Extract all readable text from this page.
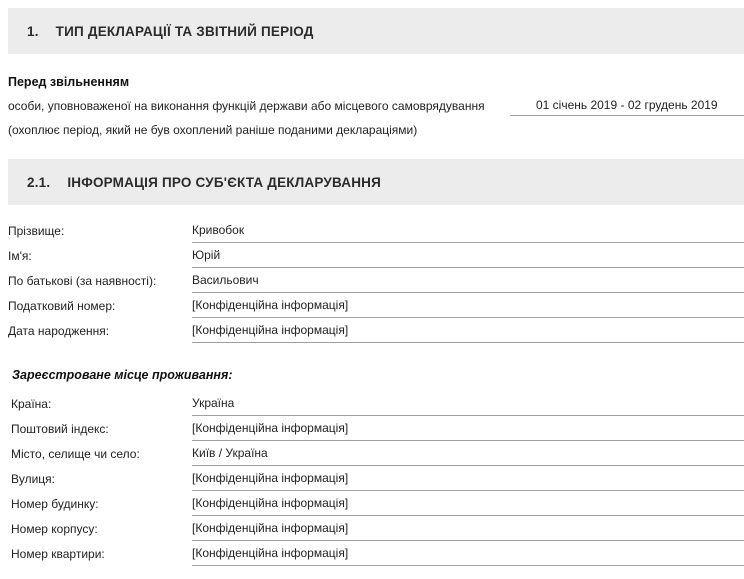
1. ТИП ДЕКЛАРАЦІЇ ТА ЗВІТНИЙ ПЕРІОД
Перед звільненням
особи, уповноваженої на виконання функцій держави або місцевого самоврядування	01 січень 2019 - 02 грудень 2019
(охоплює період, який не був охоплений раніше поданими деклараціями)
2.1. ІНФОРМАЦІЯ ПРО СУБ'ЄКТА ДЕКЛАРУВАННЯ
Прізвище:	Кривобок
Ім'я:	Юрій
По батькові (за наявності):	Васильович
Податковий номер:	[Конфіденційна інформація]
Дата народження:	[Конфіденційна інформація]
Зареєстроване місце проживання:
Країна:	Україна
Поштовий індекс:	[Конфіденційна інформація]
Місто, селище чи село:	Київ / Україна
Вулиця:	[Конфіденційна інформація]
Номер будинку:	[Конфіденційна інформація]
Номер корпусу:	[Конфіденційна інформація]
Номер квартири:	[Конфіденційна інформація]
